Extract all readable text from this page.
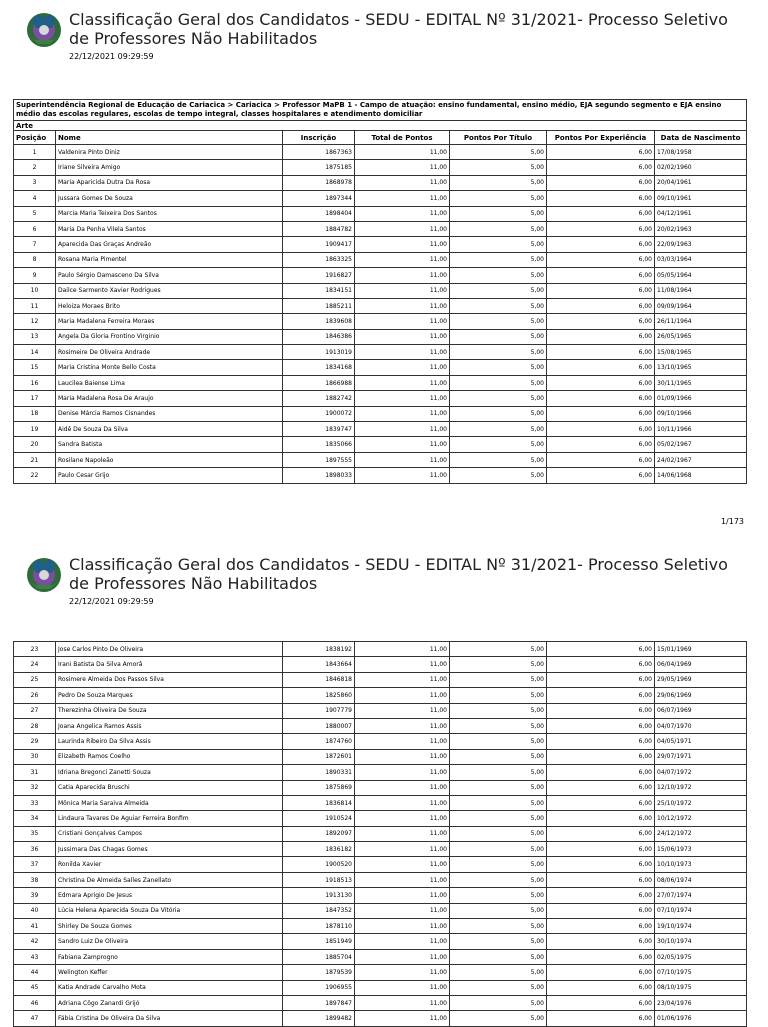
Classificação Geral dos Candidatos - SEDU - EDITAL Nº 31/2021- Processo Seletivo de Professores Não Habilitados
22/12/2021 09:29:59
Superintendência Regional de Educação de Cariacica > Cariacica > Professor MaPB 1 - Campo de atuação: ensino fundamental, ensino médio, EJA segundo segmento e EJA ensino médio das escolas regulares, escolas de tempo integral, classes hospitalares e atendimento domiciliar						
Arte						
Posição	Nome	Inscrição	Total de Pontos	Pontos Por Título	Pontos Por Experiência	Data de Nascimento
1	Valdenira Pinto Diniz	1867363	11,00	5,00	6,00	17/08/1958
2	Iriane Silveira Amigo	1875185	11,00	5,00	6,00	02/02/1960
3	Maria Aparicida Dutra Da Rosa	1868978	11,00	5,00	6,00	20/04/1961
4	Jussara Gomes De Souza	1897344	11,00	5,00	6,00	09/10/1961
5	Marcia Maria Teixeira Dos Santos	1898404	11,00	5,00	6,00	04/12/1961
6	Maria Da Penha Vilela Santos	1884782	11,00	5,00	6,00	20/02/1963
7	Aparecida Das Graças Andreão	1909417	11,00	5,00	6,00	22/09/1963
8	Rosana Maria Pimentel	1863325	11,00	5,00	6,00	03/03/1964
9	Paulo Sérgio Damasceno Da Silva	1916827	11,00	5,00	6,00	05/05/1964
10	Dailce Sarmento Xavier Rodrigues	1834151	11,00	5,00	6,00	11/08/1964
11	Heloiza Moraes Brito	1885211	11,00	5,00	6,00	09/09/1964
12	Maria Madalena Ferreira Moraes	1839608	11,00	5,00	6,00	26/11/1964
13	Angela Da Gloria Frontino Virginio	1846386	11,00	5,00	6,00	26/05/1965
14	Rosimeire De Oliveira Andrade	1913019	11,00	5,00	6,00	15/08/1965
15	Maria Cristina Monte Bello Costa	1834168	11,00	5,00	6,00	13/10/1965
16	Laucilea Baiense Lima	1866988	11,00	5,00	6,00	30/11/1965
17	Maria Madalena Rosa De Araujo	1882742	11,00	5,00	6,00	01/09/1966
18	Denise Márcia Ramos Cisnandes	1900072	11,00	5,00	6,00	09/10/1966
19	Aidê De Souza Da Silva	1839747	11,00	5,00	6,00	10/11/1966
20	Sandra Batista	1835066	11,00	5,00	6,00	05/02/1967
21	Rosilane Napoleão	1897555	11,00	5,00	6,00	24/02/1967
22	Paulo Cesar Grijo	1898033	11,00	5,00	6,00	14/06/1968
1/173
Classificação Geral dos Candidatos - SEDU - EDITAL Nº 31/2021- Processo Seletivo de Professores Não Habilitados
22/12/2021 09:29:59
23	Jose Carlos Pinto De Oliveira	1838192	11,00	5,00	6,00	15/01/1969
24	Irani Batista Da Silva Amorâ	1843664	11,00	5,00	6,00	06/04/1969
25	Rosimere Almeida Dos Passos Silva	1846818	11,00	5,00	6,00	29/05/1969
26	Pedro De Souza Marques	1825860	11,00	5,00	6,00	29/06/1969
27	Therezinha Oliveira De Souza	1907779	11,00	5,00	6,00	06/07/1969
28	Joana Angelica Ramos Assis	1880007	11,00	5,00	6,00	04/07/1970
29	Laurinda Ribeiro Da Silva Assis	1874760	11,00	5,00	6,00	04/05/1971
30	Elizabeth Ramos Coelho	1872601	11,00	5,00	6,00	29/07/1971
31	Idriana Bregonci Zanetti Souza	1890331	11,00	5,00	6,00	04/07/1972
32	Catia Aparecida Bruschi	1875869	11,00	5,00	6,00	12/10/1972
33	Mônica Maria Saraiva Almeida	1836814	11,00	5,00	6,00	25/10/1972
34	Lindaura Tavares De Aguiar Ferreira Bonfim	1910524	11,00	5,00	6,00	10/12/1972
35	Cristiani Gonçalves Campos	1892097	11,00	5,00	6,00	24/12/1972
36	Jussimara Das Chagas Gomes	1836182	11,00	5,00	6,00	15/06/1973
37	Ronilda Xavier	1900520	11,00	5,00	6,00	10/10/1973
38	Christina De Almeida Salles Zanellato	1918513	11,00	5,00	6,00	08/06/1974
39	Edmara Aprigio De Jesus	1913130	11,00	5,00	6,00	27/07/1974
40	Lúcia Helena Aparecida Souza Da Vitória	1847352	11,00	5,00	6,00	07/10/1974
41	Shirley De Souza Gomes	1878110	11,00	5,00	6,00	19/10/1974
42	Sandro Luiz De Oliveira	1851949	11,00	5,00	6,00	30/10/1974
43	Fabiana Zamprogno	1885704	11,00	5,00	6,00	02/05/1975
44	Welington Keffer	1879539	11,00	5,00	6,00	07/10/1975
45	Katia Andrade Carvalho Mota	1906955	11,00	5,00	6,00	08/10/1975
46	Adriana Côgo Zanardi Grijó	1897847	11,00	5,00	6,00	23/04/1976
47	Fábia Cristina De Oliveira Da Silva	1899482	11,00	5,00	6,00	01/06/1976
